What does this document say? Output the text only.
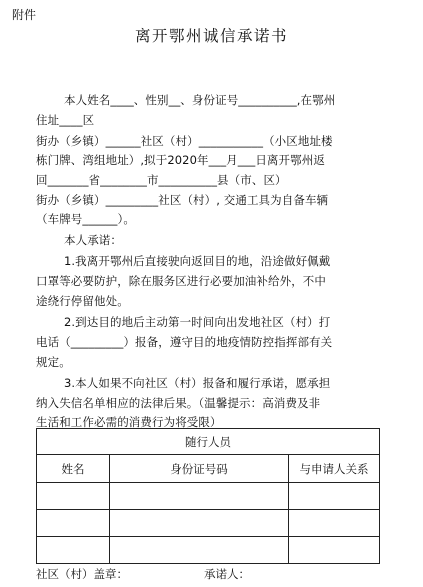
附件
离开鄂州诚信承诺书
本人姓名____、性别__、身份证号__________,在鄂州
住址____区
街办（乡镇）______社区（村）___________（小区地址楼
栋门牌、湾组地址）,拟于2020年___月___日离开鄂州返
回_______省________市__________县（市、区）
街办（乡镇）_________社区（村）, 交通工具为自备车辆
（车牌号______）。
本人承诺：
1.我离开鄂州后直接驶向返回目的地，沿途做好佩戴
口罩等必要防护，除在服务区进行必要加油补给外，不中
途绕行停留他处。
2.到达目的地后主动第一时间向出发地社区（村）打
电话（_________）报备，遵守目的地疫情防控指挥部有关
规定。
3.本人如果不向社区（村）报备和履行承诺，愿承担
纳入失信名单相应的法律后果。（温馨提示：高消费及非
生活和工作必需的消费行为将受限）
随行人员		
姓名	身份证号码	与申请人关系

社区（村）盖章：	承诺人：
